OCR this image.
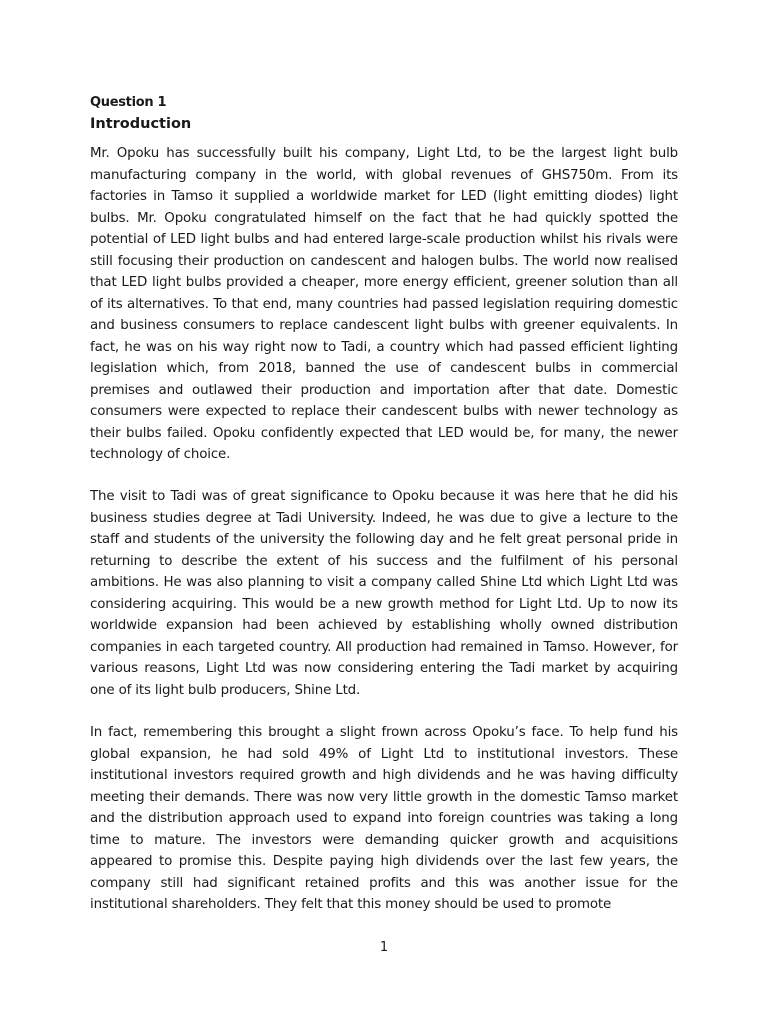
Question 1
Introduction

Mr. Opoku has successfully built his company, Light Ltd, to be the largest light bulb manufacturing company in the world, with global revenues of GHS750m. From its factories in Tamso it supplied a worldwide market for LED (light emitting diodes) light bulbs. Mr. Opoku congratulated himself on the fact that he had quickly spotted the potential of LED light bulbs and had entered large-scale production whilst his rivals were still focusing their production on candescent and halogen bulbs. The world now realised that LED light bulbs provided a cheaper, more energy efficient, greener solution than all of its alternatives. To that end, many countries had passed legislation requiring domestic and business consumers to replace candescent light bulbs with greener equivalents. In fact, he was on his way right now to Tadi, a country which had passed efficient lighting legislation which, from 2018, banned the use of candescent bulbs in commercial premises and outlawed their production and importation after that date. Domestic consumers were expected to replace their candescent bulbs with newer technology as their bulbs failed. Opoku confidently expected that LED would be, for many, the newer technology of choice.

The visit to Tadi was of great significance to Opoku because it was here that he did his business studies degree at Tadi University. Indeed, he was due to give a lecture to the staff and students of the university the following day and he felt great personal pride in returning to describe the extent of his success and the fulfilment of his personal ambitions. He was also planning to visit a company called Shine Ltd which Light Ltd was considering acquiring. This would be a new growth method for Light Ltd. Up to now its worldwide expansion had been achieved by establishing wholly owned distribution companies in each targeted country. All production had remained in Tamso. However, for various reasons, Light Ltd was now considering entering the Tadi market by acquiring one of its light bulb producers, Shine Ltd.

In fact, remembering this brought a slight frown across Opoku’s face. To help fund his global expansion, he had sold 49% of Light Ltd to institutional investors. These institutional investors required growth and high dividends and he was having difficulty meeting their demands. There was now very little growth in the domestic Tamso market and the distribution approach used to expand into foreign countries was taking a long time to mature. The investors were demanding quicker growth and acquisitions appeared to promise this. Despite paying high dividends over the last few years, the company still had significant retained profits and this was another issue for the institutional shareholders. They felt that this money should be used to promote

1
